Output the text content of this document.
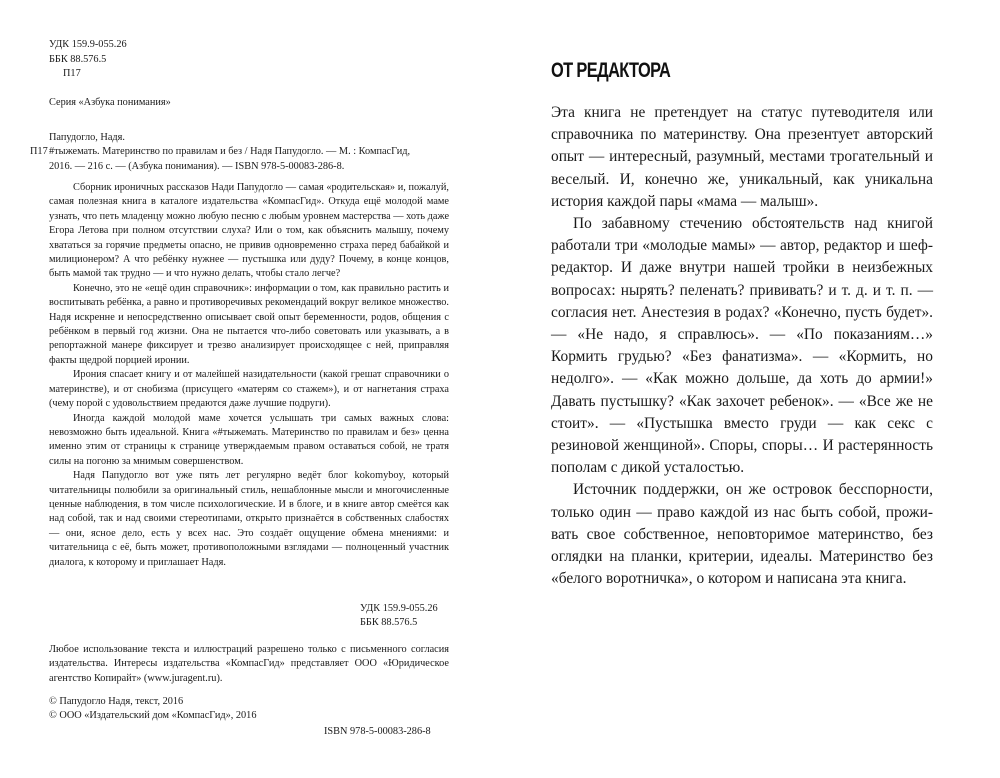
УДК 159.9-055.26
ББК 88.576.5
П17
Серия «Азбука понимания»
Папудогло, Надя.
П17 #тыжемать. Материнство по правилам и без / Надя Папудогло. — М. : КомпасГид,
2016. — 216 с. — (Азбука понимания). — ISBN 978-5-00083-286-8.

Сборник ироничных рассказов Нади Папудогло — самая «родительская» и, пожалуй, самая полезная книга в каталоге издательства «КомпасГид». Откуда ещё молодой маме узнать, что петь младенцу можно любую песню с любым уровнем мастерства — хоть даже Егора Летова при полном отсутствии слуха? Или о том, как объяснить малышу, почему хвататься за горячие предметы опасно, не привив одновременно страха перед бабайкой и милиционером? А что ребёнку нужнее — пустышка или дуду? Почему, в конце концов, быть мамой так трудно — и что нужно делать, чтобы стало легче?

Конечно, это не «ещё один справочник»: информации о том, как правильно растить и воспитывать ребёнка, а равно и противоречивых рекомендаций вокруг великое множество. Надя искренне и непосредственно описывает свой опыт беременности, родов, общения с ребёнком в первый год жизни. Она не пытается что-либо советовать или указывать, а в репортажной манере фиксирует и трезво анализирует происходящее с ней, приправляя факты щедрой порцией иронии.

Ирония спасает книгу и от малейшей назидательности (какой грешат справочники о материнстве), и от снобизма (присущего «матерям со стажем»), и от нагнетания страха (чему порой с удовольствием предаются даже лучшие подруги).

Иногда каждой молодой маме хочется услышать три самых важных слова: невозможно быть идеальной. Книга «#тыжемать. Материнство по правилам и без» ценна именно этим от страницы к странице утверждаемым правом оставаться собой, не тратя силы на погоню за мнимым совершенством.

Надя Папудогло вот уже пять лет регулярно ведёт блог kokomyboy, который читательницы полюбили за оригинальный стиль, нешаблонные мысли и многочисленные ценные наблюдения, в том числе психологические. И в блоге, и в книге автор смеётся как над собой, так и над своими стереотипами, открыто признаётся в собственных слабостях — они, ясное дело, есть у всех нас. Это создаёт ощущение обмена мнениями: и читательница с её, быть может, противоположными взглядами — полноценный участник диалога, к которому и приглашает Надя.

УДК 159.9-055.26
ББК 88.576.5
Любое использование текста и иллюстраций разрешено только с письменного согласия издательства. Интересы издательства «КомпасГид» представляет ООО «Юридическое агентство Копирайт» (www.juragent.ru).
© Папудогло Надя, текст, 2016
© ООО «Издательский дом «КомпасГид», 2016
ISBN 978-5-00083-286-8
ОТ РЕДАКТОРА

Эта книга не претендует на статус путеводителя или справочника по материнству. Она презентует авторский опыт — интересный, разумный, местами трогательный и веселый. И, конечно же, уникальный, как уникальна история каждой пары «мама — малыш».

По забавному стечению обстоятельств над книгой работали три «молодые мамы» — автор, редактор и шеф-редактор. И даже внутри нашей тройки в неизбежных вопросах: нырять? пеленать? прививать? и т. д. и т. п. — согласия нет. Анестезия в родах? «Конечно, пусть будет». — «Не надо, я справлюсь». — «По показаниям…» Кормить грудью? «Без фанатизма». — «Кормить, но недолго». — «Как можно дольше, да хоть до армии!» Давать пустышку? «Как захочет ребенок». — «Все же не стоит». — «Пустышка вместо груди — как секс с резиновой женщиной». Споры, споры… И растерянность пополам с дикой усталостью.

Источник поддержки, он же островок бесспорности, только один — право каждой из нас быть собой, проживать свое собственное, неповторимое материнство, без оглядки на планки, критерии, идеалы. Материнство без «белого воротничка», о котором и написана эта книга.
